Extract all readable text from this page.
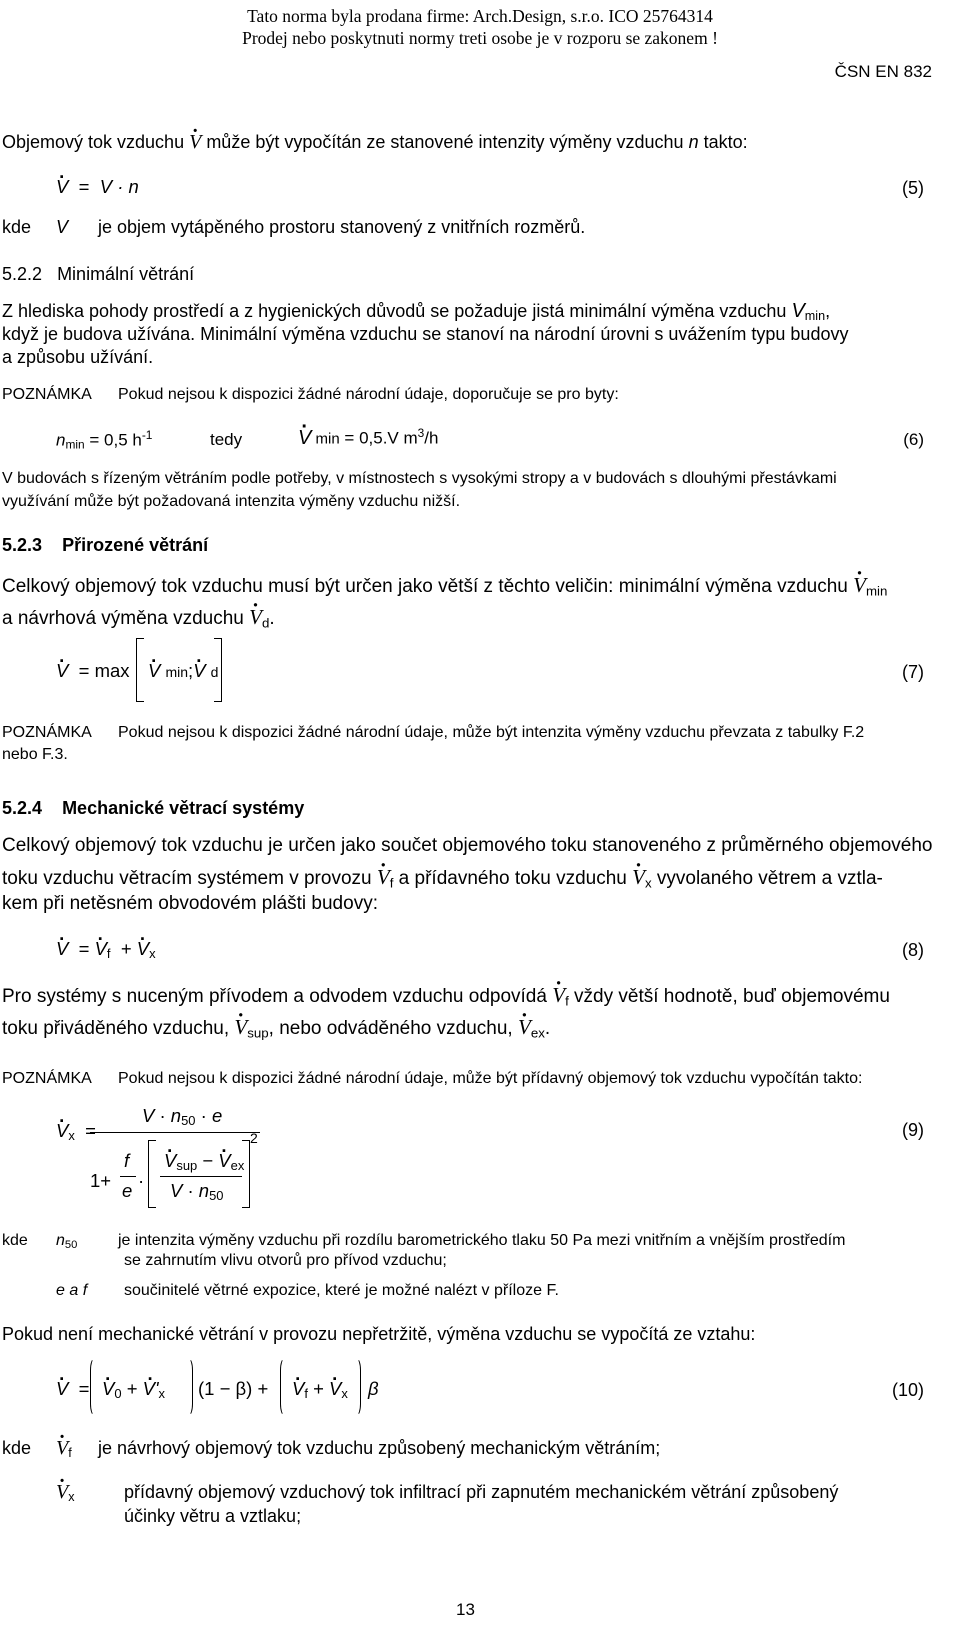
Tato norma byla prodana firme: Arch.Design, s.r.o. ICO 25764314
Prodej nebo poskytnuti normy treti osobe je v rozporu se zakonem !
ČSN EN 832
Objemový tok vzduchu · V může být vypočítán ze stanovené intenzity výměny vzduchu n takto:
· V  =  V · n	(5)
kde V je objem vytápěného prostoru stanovený z vnitřních rozměrů.
5.2.2 Minimální větrání
Z hlediska pohody prostředí a z hygienických důvodů se požaduje jistá minimální výměna vzduchu $V_{min}$,
když je budova užívána. Minimální výměna vzduchu se stanoví na národní úrovni s uvážením typu budovy
a způsobu užívání.
POZNÁMKA Pokud nejsou k dispozici žádné národní údaje, doporučuje se pro byty:
$n_{min} = 0,5$ $h^{-1}$	tedy	· V min = 0,5.V $m^3/h$	(6)
V budovách s řízeným větráním podle potřeby, v místnostech s vysokými stropy a v budovách s dlouhými přestávkami
využívání může být požadovaná intenzita výměny vzduchu nižší.
5.2.3 Přirozené větrání
Celkový objemový tok vzduchu musí být určen jako větší z těchto veličin: minimální výměna vzduchu · $V_{min}$
a návrhová výměna vzduchu · $V_d$.
· V = max · V min;· V d	(7)
POZNÁMKA Pokud nejsou k dispozici žádné národní údaje, může být intenzita výměny vzduchu převzata z tabulky F.2
nebo F.3.
5.2.4 Mechanické větrací systémy
Celkový objemový tok vzduchu je určen jako součet objemového toku stanoveného z průměrného objemového
toku vzduchu větracím systémem v provozu · $V_f$ a přídavného toku vzduchu · $V_x$ vyvolaného větrem a vztla-
kem při netěsném obvodovém plášti budovy:
· V = · $V_f$ + · $V_x$	(8)
Pro systémy s nuceným přívodem a odvodem vzduchu odpovídá · $V_f$ vždy větší hodnotě, buď objemovému
toku přiváděného vzduchu, · $V_{sup}$, nebo odváděného vzduchu, · $V_{ex}$.
POZNÁMKA Pokud nejsou k dispozici žádné národní údaje, může být přídavný objemový tok vzduchu vypočítán takto:
· $V_x$ =
$V \cdot n_{50} \cdot e$
1+
f
e ·
· $V_{sup}$ − · $V_{ex}$
$V \cdot n_{50}$
2	(9)
kde $n_{50}$	je intenzita výměny vzduchu při rozdílu barometrického tlaku 50 Pa mezi vnitřním a vnějším prostředím
se zahrnutím vlivu otvorů pro přívod vzduchu;
e a f součinitelé větrné expozice, které je možné nalézt v příloze F.
Pokud není mechanické větrání v provozu nepřetržitě, výměna vzduchu se vypočítá ze vztahu:
· V = · $V_0$ + · $V'_x$ (1 − β) + · $V_f$ + · $V_x$ β	(10)
kde · $V_f$ je návrhový objemový tok vzduchu způsobený mechanickým větráním;
· $V_x$	přídavný objemový vzduchový tok infiltrací při zapnutém mechanickém větrání způsobený
účinky větru a vztlaku;
13
